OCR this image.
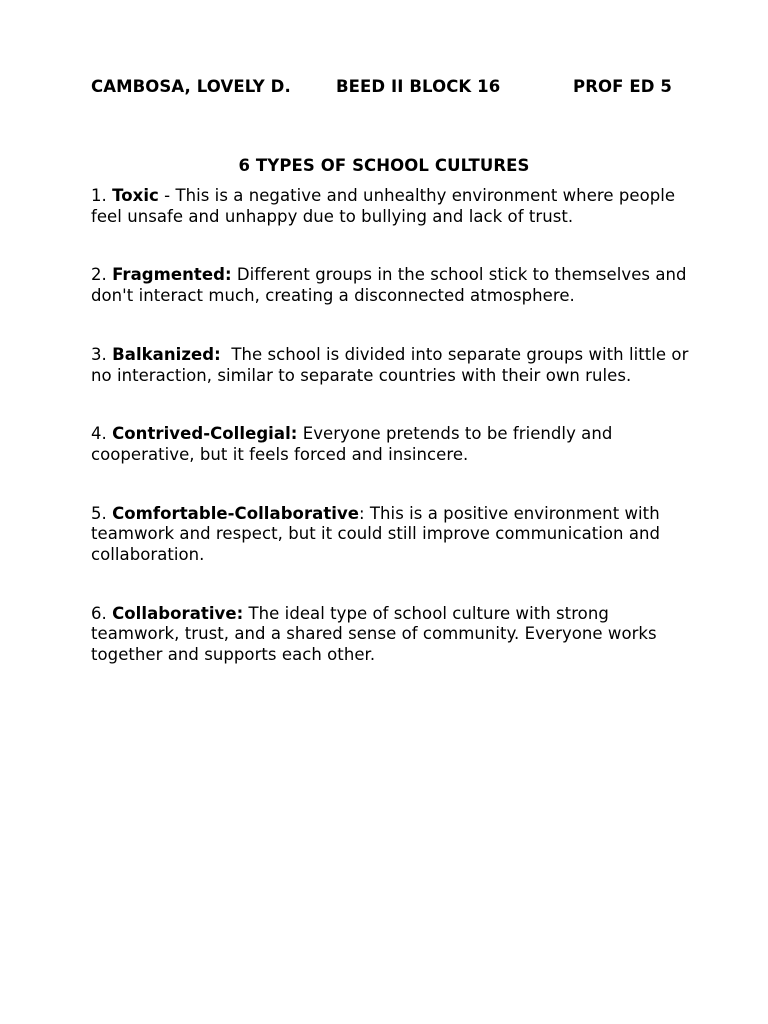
CAMBOSA, LOVELY D.	BEED II BLOCK 16	PROF ED 5
6 TYPES OF SCHOOL CULTURES

1. Toxic - This is a negative and unhealthy environment where people feel unsafe and unhappy due to bullying and lack of trust.

2. Fragmented: Different groups in the school stick to themselves and don't interact much, creating a disconnected atmosphere.

3. Balkanized: The school is divided into separate groups with little or no interaction, similar to separate countries with their own rules.

4. Contrived-Collegial: Everyone pretends to be friendly and cooperative, but it feels forced and insincere.

5. Comfortable-Collaborative: This is a positive environment with teamwork and respect, but it could still improve communication and collaboration.

6. Collaborative: The ideal type of school culture with strong teamwork, trust, and a shared sense of community. Everyone works together and supports each other.
